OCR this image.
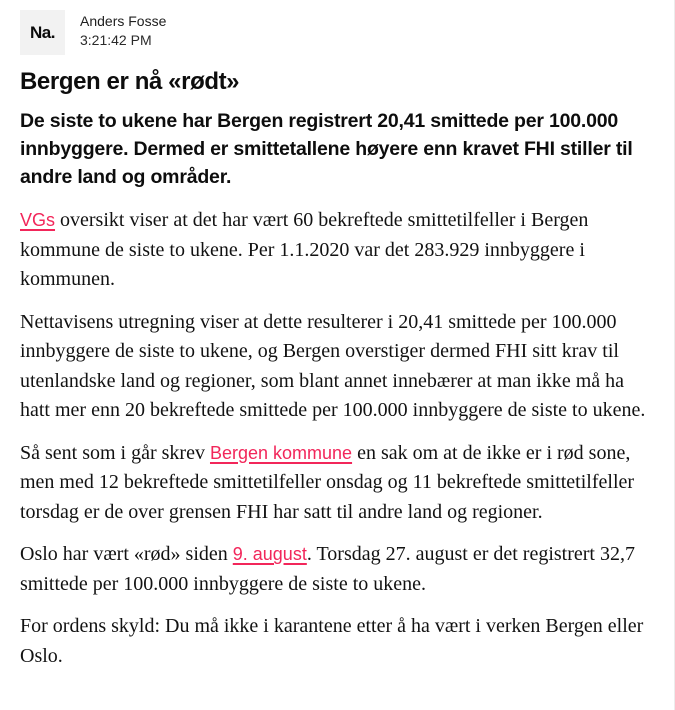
Na.
Anders Fosse
3:21:42 PM
Bergen er nå «rødt»

De siste to ukene har Bergen registrert 20,41 smittede per 100.000 innbyggere. Dermed er smittetallene høyere enn kravet FHI stiller til andre land og områder.

VGs oversikt viser at det har vært 60 bekreftede smittetilfeller i Bergen kommune de siste to ukene. Per 1.1.2020 var det 283.929 innbyggere i kommunen.

Nettavisens utregning viser at dette resulterer i 20,41 smittede per 100.000 innbyggere de siste to ukene, og Bergen overstiger dermed FHI sitt krav til utenlandske land og regioner, som blant annet innebærer at man ikke må ha hatt mer enn 20 bekreftede smittede per 100.000 innbyggere de siste to ukene.

Så sent som i går skrev Bergen kommune en sak om at de ikke er i rød sone, men med 12 bekreftede smittetilfeller onsdag og 11 bekreftede smittetilfeller torsdag er de over grensen FHI har satt til andre land og regioner.

Oslo har vært «rød» siden 9. august. Torsdag 27. august er det registrert 32,7 smittede per 100.000 innbyggere de siste to ukene.

For ordens skyld: Du må ikke i karantene etter å ha vært i verken Bergen eller Oslo.
